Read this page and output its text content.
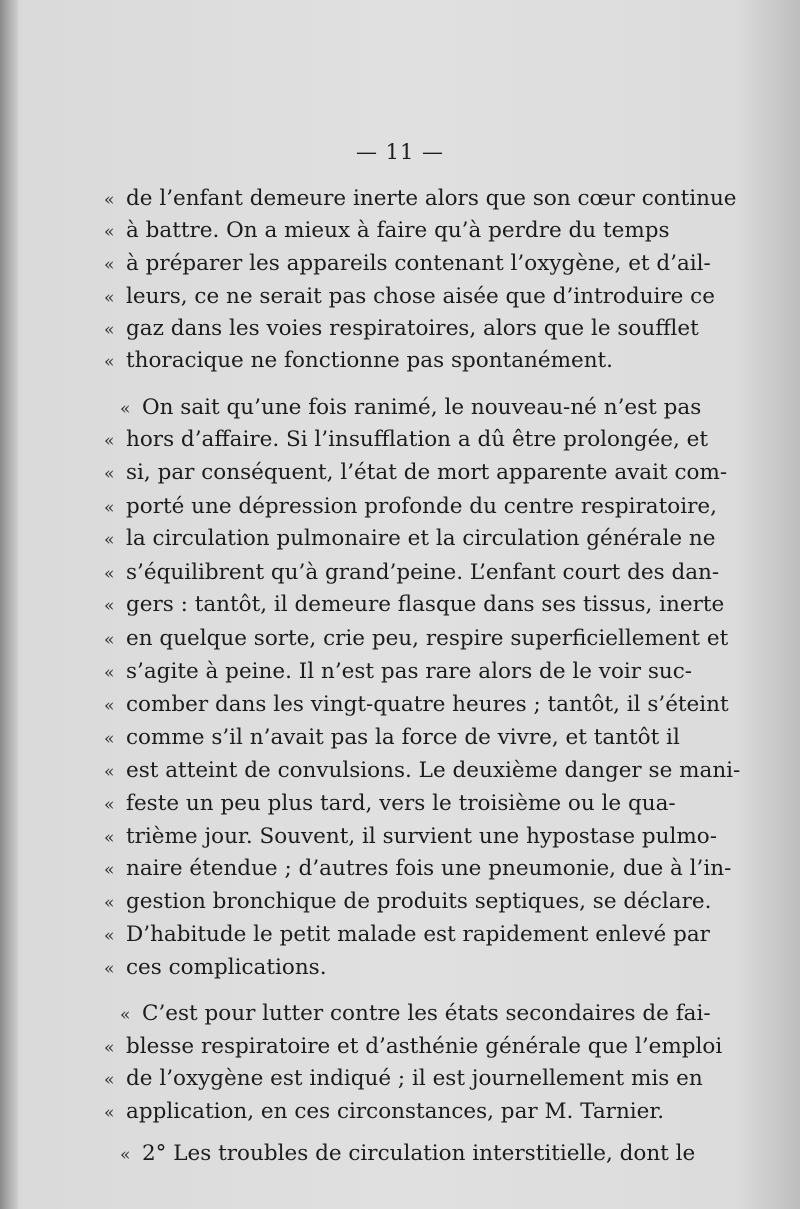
— 11 —
« de l’enfant demeure inerte alors que son cœur continue
« à battre. On a mieux à faire qu’à perdre du temps
« à préparer les appareils contenant l’oxygène, et d’ail-
« leurs, ce ne serait pas chose aisée que d’introduire ce
« gaz dans les voies respiratoires, alors que le soufflet
« thoracique ne fonctionne pas spontanément.
« On sait qu’une fois ranimé, le nouveau-né n’est pas
« hors d’affaire. Si l’insufflation a dû être prolongée, et
« si, par conséquent, l’état de mort apparente avait com-
« porté une dépression profonde du centre respiratoire,
« la circulation pulmonaire et la circulation générale ne
« s’équilibrent qu’à grand’peine. L’enfant court des dan-
« gers : tantôt, il demeure flasque dans ses tissus, inerte
« en quelque sorte, crie peu, respire superficiellement et
« s’agite à peine. Il n’est pas rare alors de le voir suc-
« comber dans les vingt-quatre heures ; tantôt, il s’éteint
« comme s’il n’avait pas la force de vivre, et tantôt il
« est atteint de convulsions. Le deuxième danger se mani-
« feste un peu plus tard, vers le troisième ou le qua-
« trième jour. Souvent, il survient une hypostase pulmo-
« naire étendue ; d’autres fois une pneumonie, due à l’in-
« gestion bronchique de produits septiques, se déclare.
« D’habitude le petit malade est rapidement enlevé par
« ces complications.
« C’est pour lutter contre les états secondaires de fai-
« blesse respiratoire et d’asthénie générale que l’emploi
« de l’oxygène est indiqué ; il est journellement mis en
« application, en ces circonstances, par M. Tarnier.
« 2° Les troubles de circulation interstitielle, dont le
